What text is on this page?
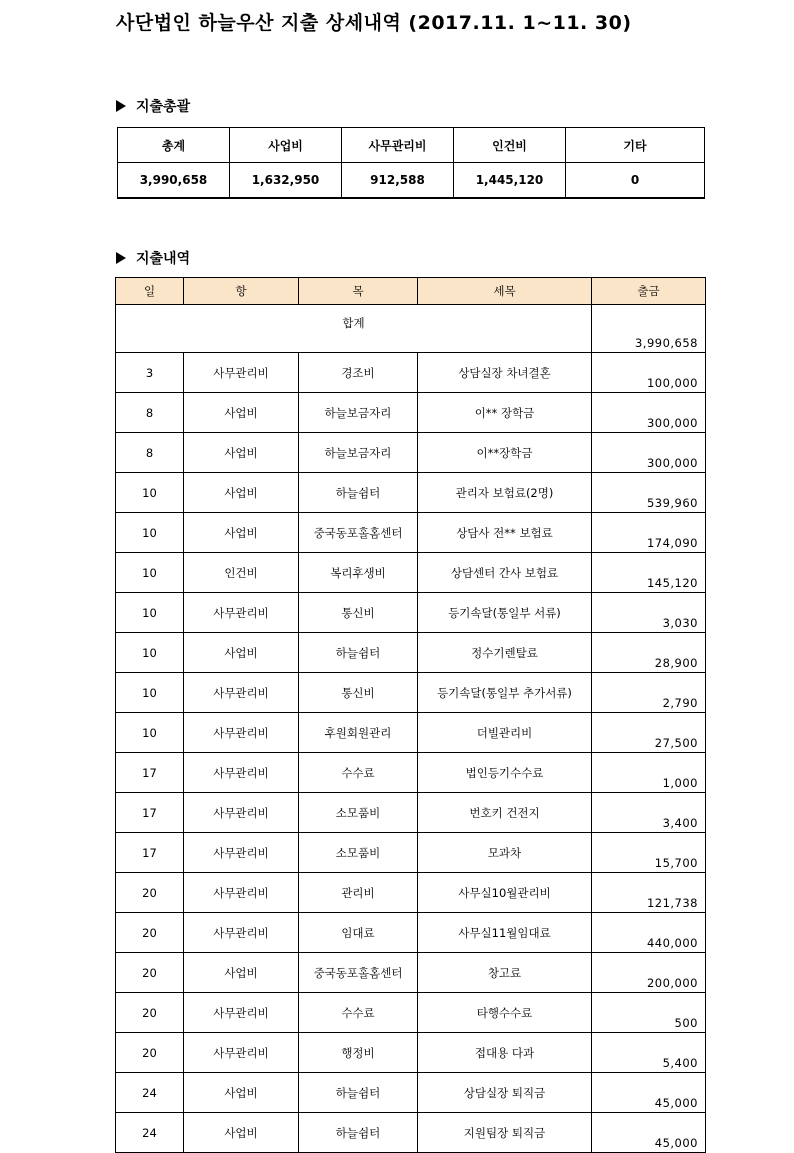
사단법인 하늘우산 지출 상세내역 (2017.11. 1~11. 30)
지출총괄
총계	사업비	사무관리비	인건비	기타
3,990,658	1,632,950	912,588	1,445,120	0
지출내역
일	항	목	세목	출금
합계				3,990,658
3	사무관리비	경조비	상담실장 차녀결혼	100,000
8	사업비	하늘보금자리	이** 장학금	300,000
8	사업비	하늘보금자리	이**장학금	300,000
10	사업비	하늘쉼터	관리자 보험료(2명)	539,960
10	사업비	중국동포홀홈센터	상담사 전** 보험료	174,090
10	인건비	복리후생비	상담센터 간사 보험료	145,120
10	사무관리비	통신비	등기속달(통일부 서류)	3,030
10	사업비	하늘쉼터	정수기렌탈료	28,900
10	사무관리비	통신비	등기속달(통일부 추가서류)	2,790
10	사무관리비	후원회원관리	더빌관리비	27,500
17	사무관리비	수수료	법인등기수수료	1,000
17	사무관리비	소모품비	번호키 건전지	3,400
17	사무관리비	소모품비	모과차	15,700
20	사무관리비	관리비	사무실10월관리비	121,738
20	사무관리비	임대료	사무실11월임대료	440,000
20	사업비	중국동포홀홈센터	창고료	200,000
20	사무관리비	수수료	타행수수료	500
20	사무관리비	행정비	접대용 다과	5,400
24	사업비	하늘쉼터	상담실장 퇴직금	45,000
24	사업비	하늘쉼터	지원팀장 퇴직금	45,000
